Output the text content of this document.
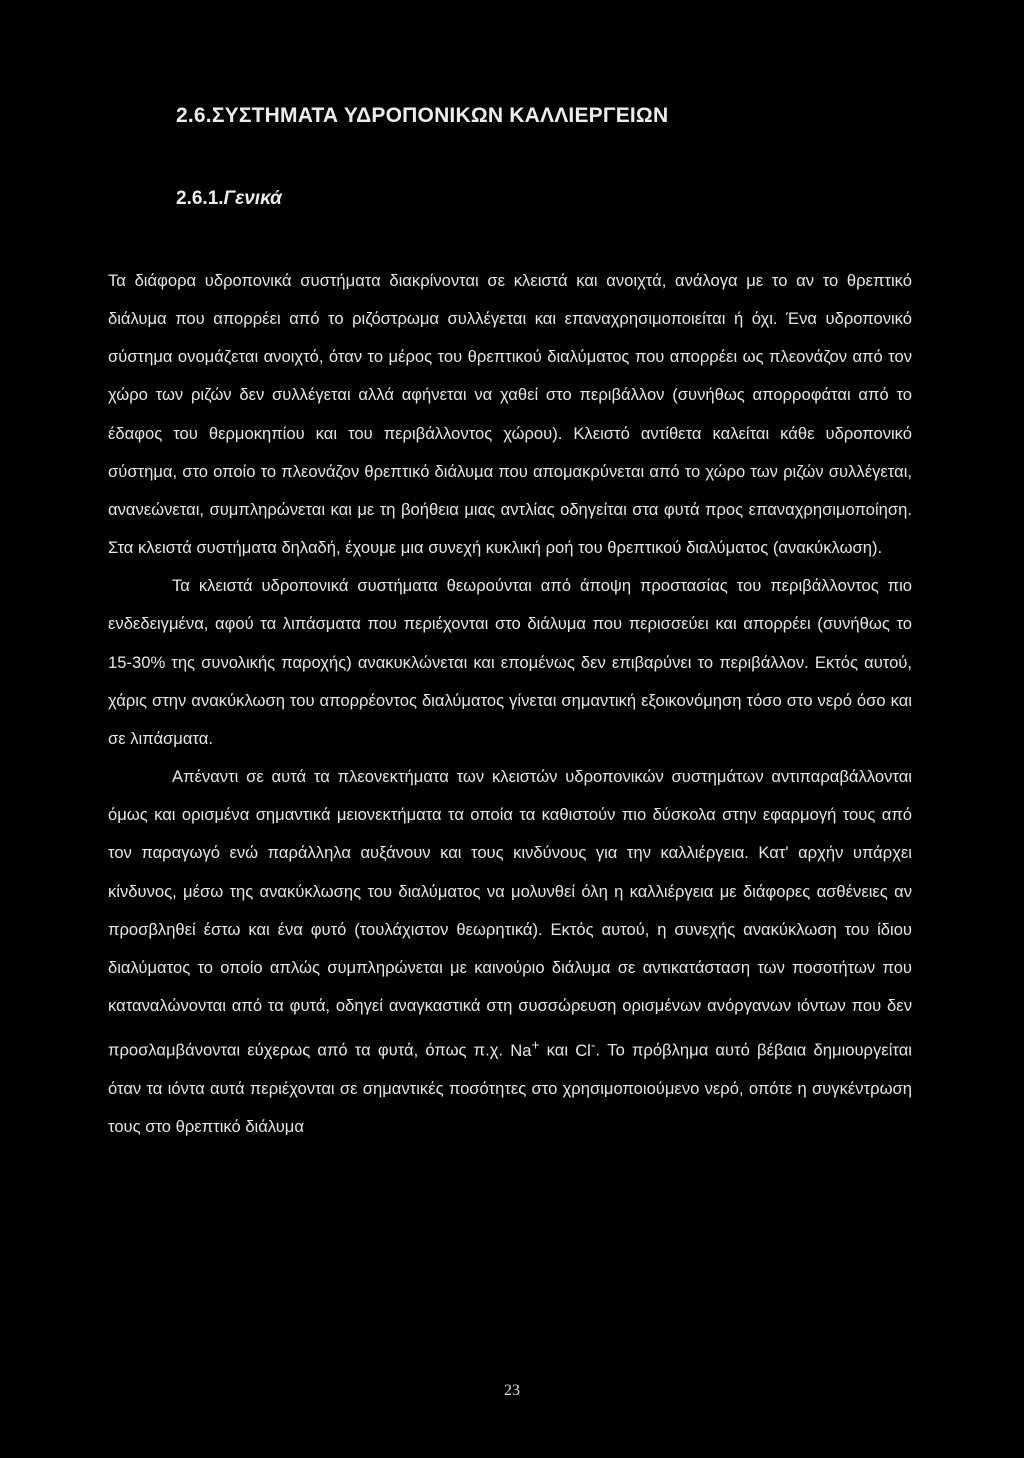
2.6.ΣΥΣΤΗΜΑΤΑ ΥΔΡΟΠΟΝΙΚΩΝ ΚΑΛΛΙΕΡΓΕΙΩΝ
2.6.1.Γενικά

Τα διάφορα υδροπονικά συστήματα διακρίνονται σε κλειστά και ανοιχτά, ανάλογα με το αν το θρεπτικό διάλυμα που απορρέει από το ριζόστρωμα συλλέγεται και επαναχρησιμοποιείται ή όχι. Ένα υδροπονικό σύστημα ονομάζεται ανοιχτό, όταν το μέρος του θρεπτικού διαλύματος που απορρέει ως πλεονάζον από τον χώρο των ριζών δεν συλλέγεται αλλά αφήνεται να χαθεί στο περιβάλλον (συνήθως απορροφάται από το έδαφος του θερμοκηπίου και του περιβάλλοντος χώρου). Κλειστό αντίθετα καλείται κάθε υδροπονικό σύστημα, στο οποίο το πλεονάζον θρεπτικό διάλυμα που απομακρύνεται από το χώρο των ριζών συλλέγεται, ανανεώνεται, συμπληρώνεται και με τη βοήθεια μιας αντλίας οδηγείται στα φυτά προς επαναχρησιμοποίηση. Στα κλειστά συστήματα δηλαδή, έχουμε μια συνεχή κυκλική ροή του θρεπτικού διαλύματος (ανακύκλωση).

Τα κλειστά υδροπονικά συστήματα θεωρούνται από άποψη προστασίας του περιβάλλοντος πιο ενδεδειγμένα, αφού τα λιπάσματα που περιέχονται στο διάλυμα που περισσεύει και απορρέει (συνήθως το 15-30% της συνολικής παροχής) ανακυκλώνεται και επομένως δεν επιβαρύνει το περιβάλλον. Εκτός αυτού, χάρις στην ανακύκλωση του απορρέοντος διαλύματος γίνεται σημαντική εξοικονόμηση τόσο στο νερό όσο και σε λιπάσματα.

Απέναντι σε αυτά τα πλεονεκτήματα των κλειστών υδροπονικών συστημάτων αντιπαραβάλλονται όμως και ορισμένα σημαντικά μειονεκτήματα τα οποία τα καθιστούν πιο δύσκολα στην εφαρμογή τους από τον παραγωγό ενώ παράλληλα αυξάνουν και τους κινδύνους για την καλλιέργεια. Κατ' αρχήν υπάρχει κίνδυνος, μέσω της ανακύκλωσης του διαλύματος να μολυνθεί όλη η καλλιέργεια με διάφορες ασθένειες αν προσβληθεί έστω και ένα φυτό (τουλάχιστον θεωρητικά). Εκτός αυτού, η συνεχής ανακύκλωση του ίδιου διαλύματος το οποίο απλώς συμπληρώνεται με καινούριο διάλυμα σε αντικατάσταση των ποσοτήτων που καταναλώνονται από τα φυτά, οδηγεί αναγκαστικά στη συσσώρευση ορισμένων ανόργανων ιόντων που δεν προσλαμβάνονται εύχερως από τα φυτά, όπως π.χ. Na+ και Cl-. Το πρόβλημα αυτό βέβαια δημιουργείται όταν τα ιόντα αυτά περιέχονται σε σημαντικές ποσότητες στο χρησιμοποιούμενο νερό, οπότε η συγκέντρωση τους στο θρεπτικό διάλυμα

23
